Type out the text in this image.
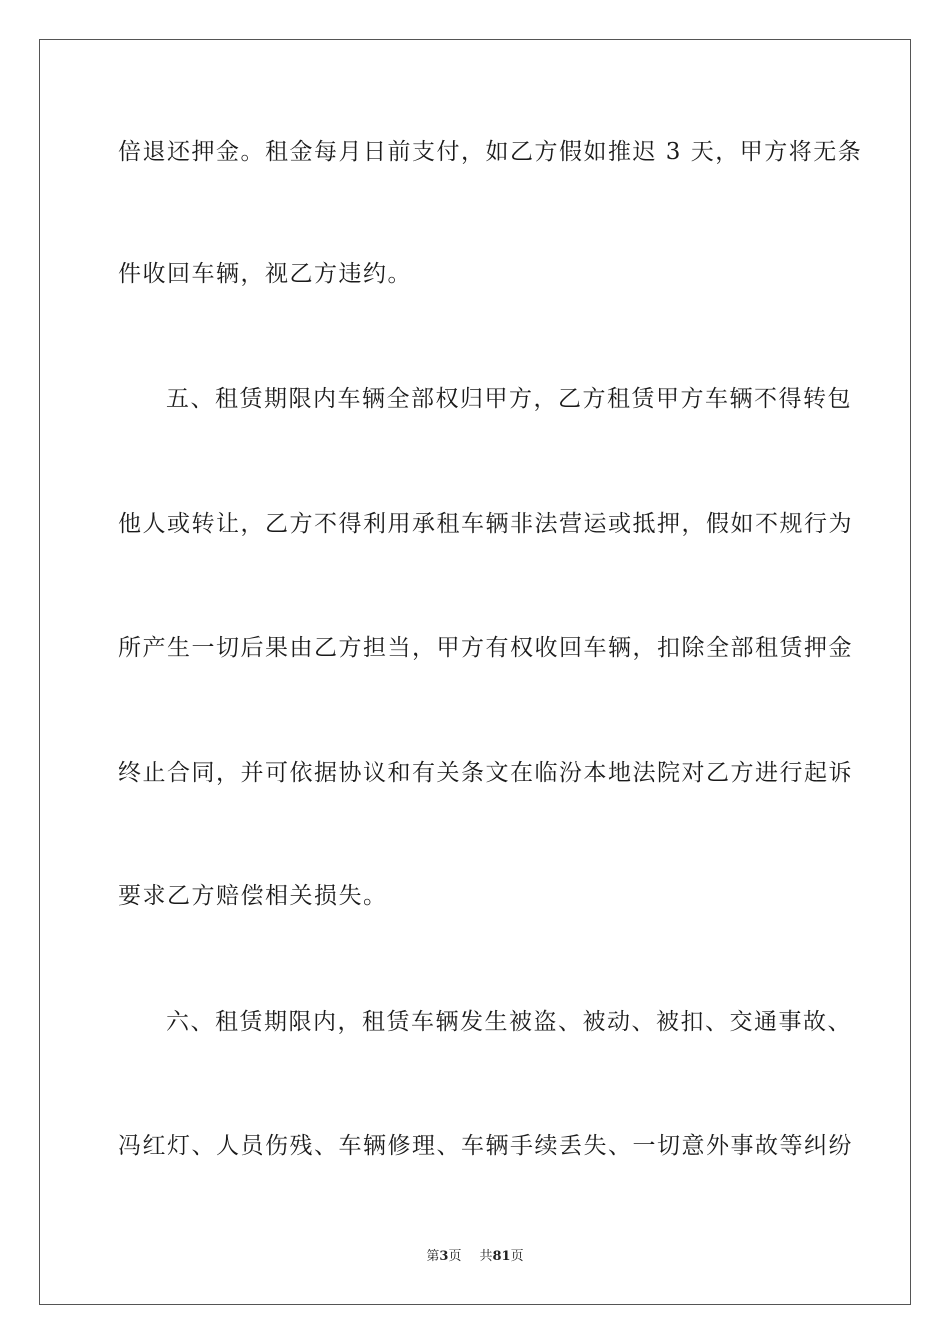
倍退还押金。租金每月日前支付，如乙方假如推迟 3 天，甲方将无条
件收回车辆，视乙方违约。
五、租赁期限内车辆全部权归甲方，乙方租赁甲方车辆不得转包
他人或转让，乙方不得利用承租车辆非法营运或抵押，假如不规行为
所产生一切后果由乙方担当，甲方有权收回车辆，扣除全部租赁押金
终止合同，并可依据协议和有关条文在临汾本地法院对乙方进行起诉
要求乙方赔偿相关损失。
六、租赁期限内，租赁车辆发生被盗、被动、被扣、交通事故、
冯红灯、人员伤残、车辆修理、车辆手续丢失、一切意外事故等纠纷
第3页 共81页
